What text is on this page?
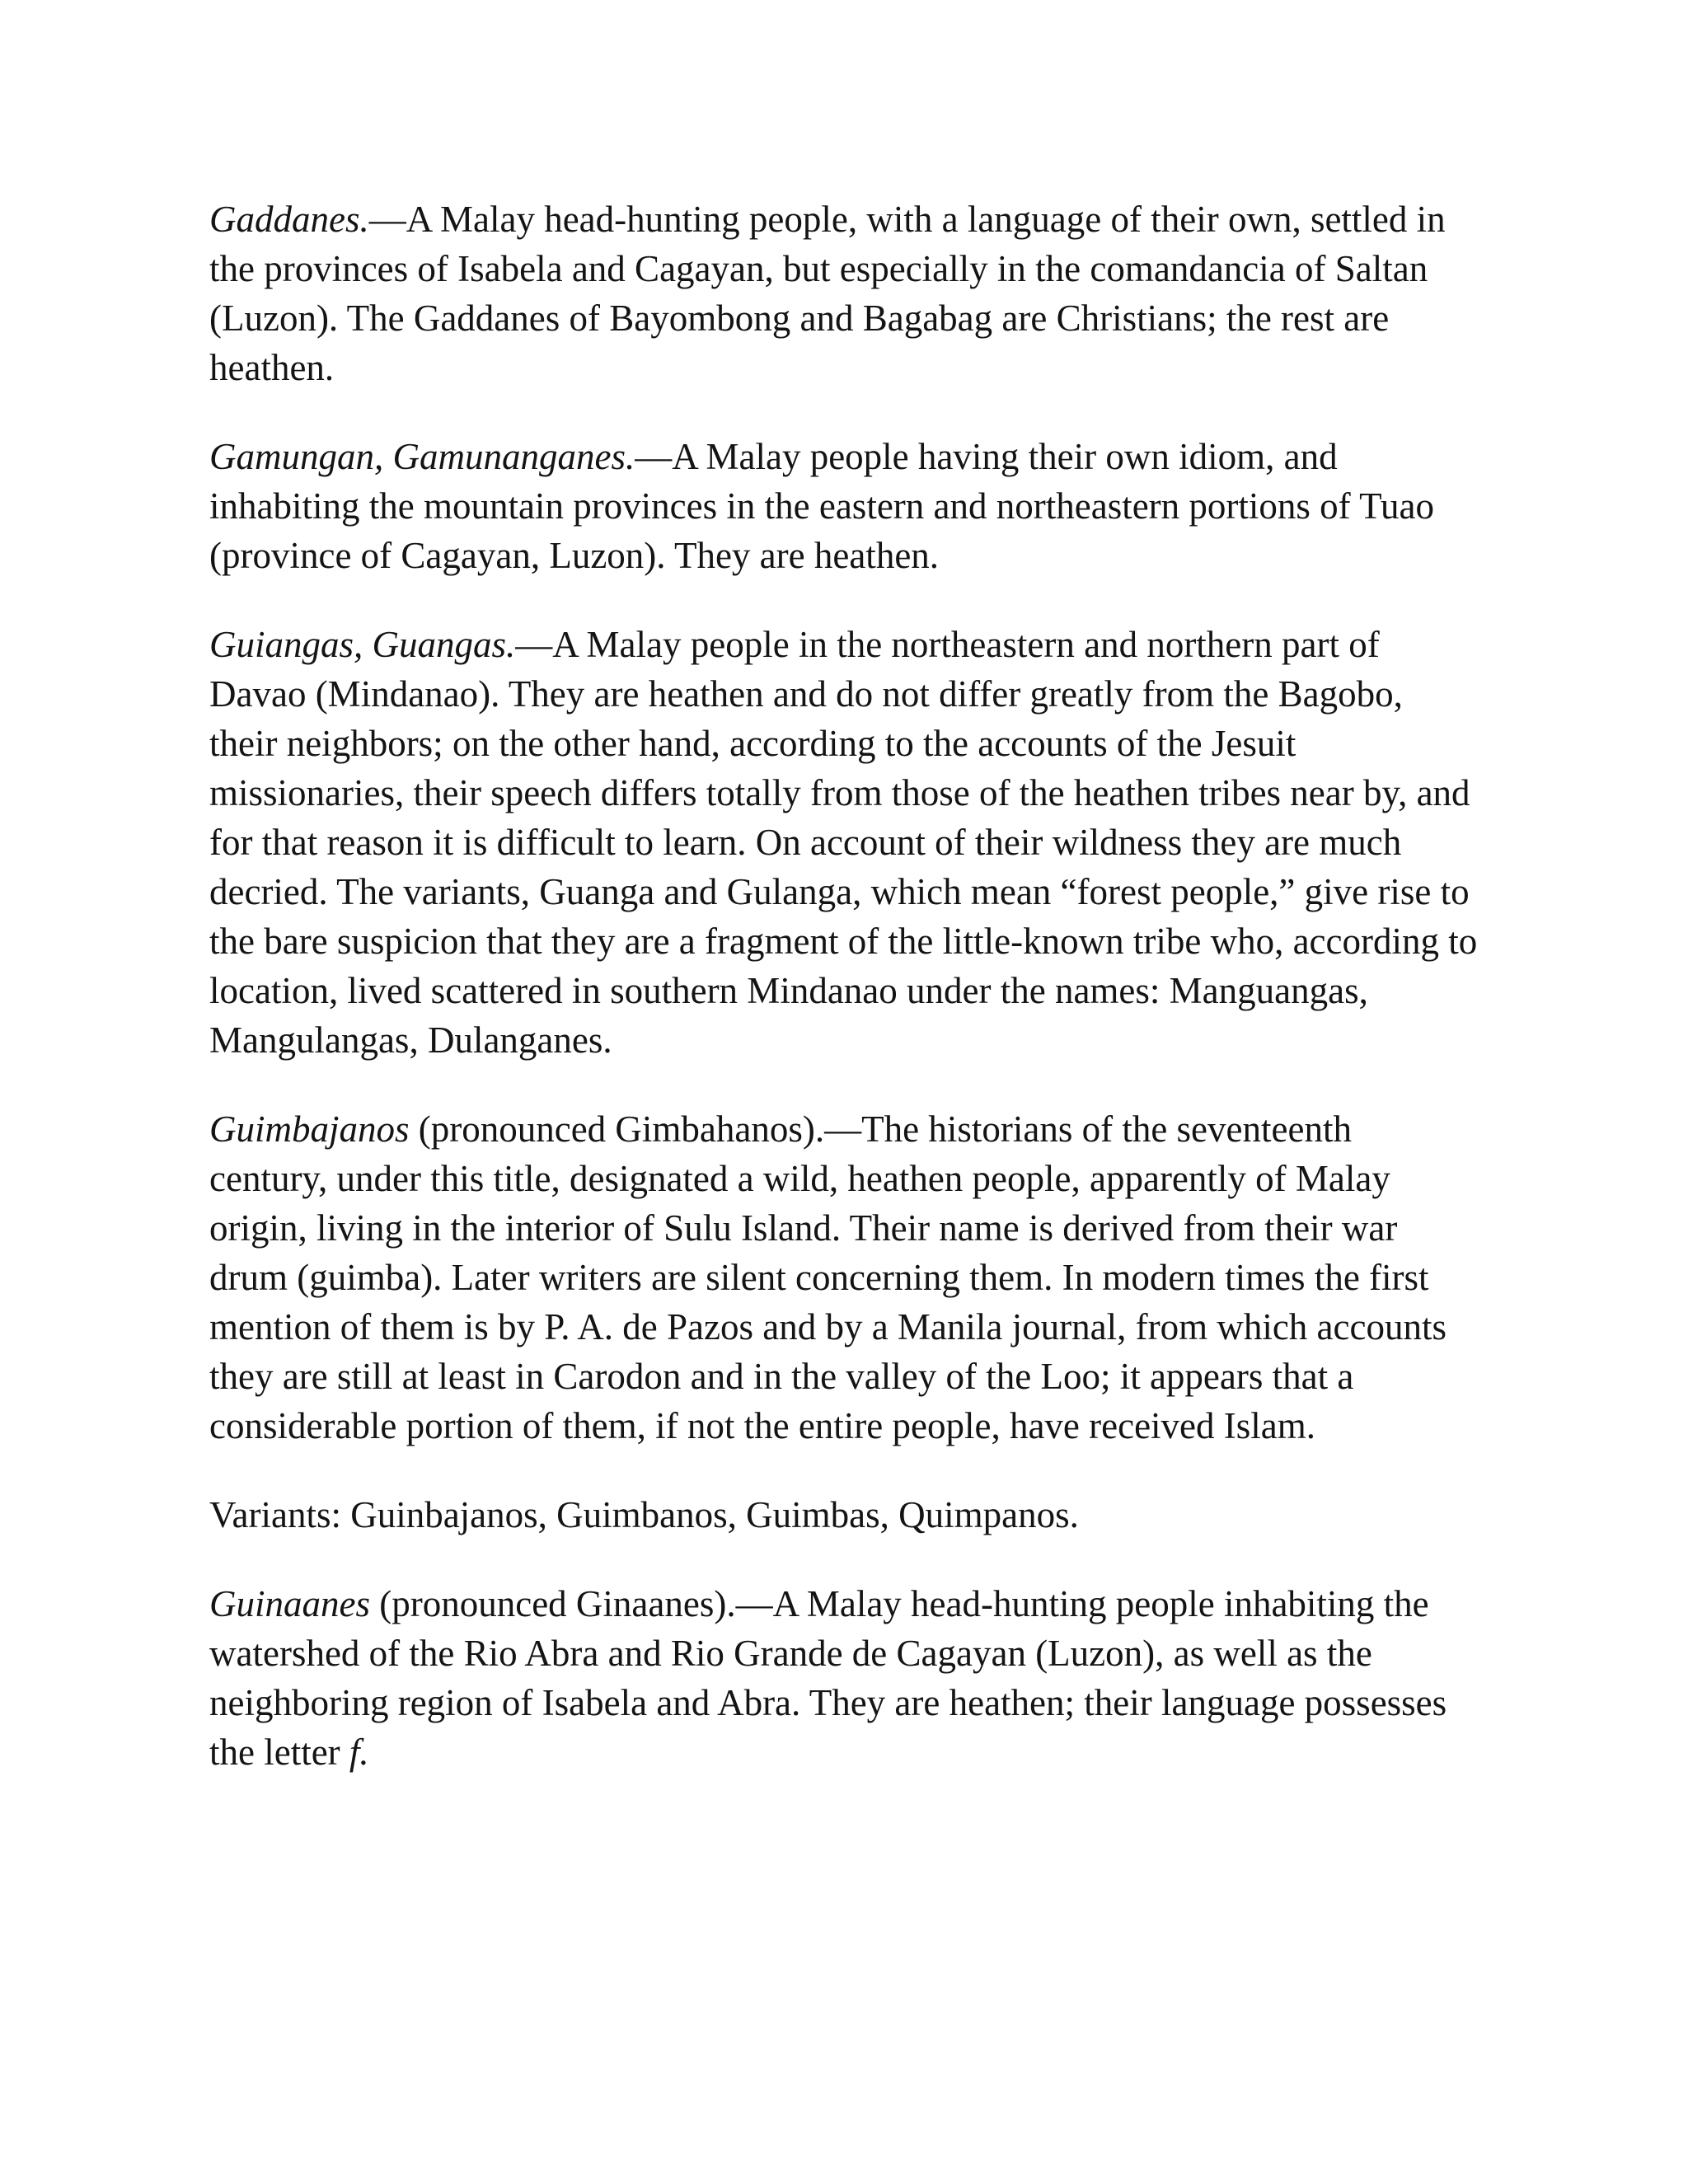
Gaddanes.—A Malay head-hunting people, with a language of their own, settled in the provinces of Isabela and Cagayan, but especially in the comandancia of Saltan (Luzon). The Gaddanes of Bayombong and Bagabag are Christians; the rest are heathen.

Gamungan, Gamunanganes.—A Malay people having their own idiom, and inhabiting the mountain provinces in the eastern and northeastern portions of Tuao (province of Cagayan, Luzon). They are heathen.

Guiangas, Guangas.—A Malay people in the northeastern and northern part of Davao (Mindanao). They are heathen and do not differ greatly from the Bagobo, their neighbors; on the other hand, according to the accounts of the Jesuit missionaries, their speech differs totally from those of the heathen tribes near by, and for that reason it is difficult to learn. On account of their wildness they are much decried. The variants, Guanga and Gulanga, which mean “forest people,” give rise to the bare suspicion that they are a fragment of the little-known tribe who, according to location, lived scattered in southern Mindanao under the names: Manguangas, Mangulangas, Dulanganes.

Guimbajanos (pronounced Gimbahanos).—The historians of the seventeenth century, under this title, designated a wild, heathen people, apparently of Malay origin, living in the interior of Sulu Island. Their name is derived from their war drum (guimba). Later writers are silent concerning them. In modern times the first mention of them is by P. A. de Pazos and by a Manila journal, from which accounts they are still at least in Carodon and in the valley of the Loo; it appears that a considerable portion of them, if not the entire people, have received Islam.

Variants: Guinbajanos, Guimbanos, Guimbas, Quimpanos.

Guinaanes (pronounced Ginaanes).—A Malay head-hunting people inhabiting the watershed of the Rio Abra and Rio Grande de Cagayan (Luzon), as well as the neighboring region of Isabela and Abra. They are heathen; their language possesses the letter f.
